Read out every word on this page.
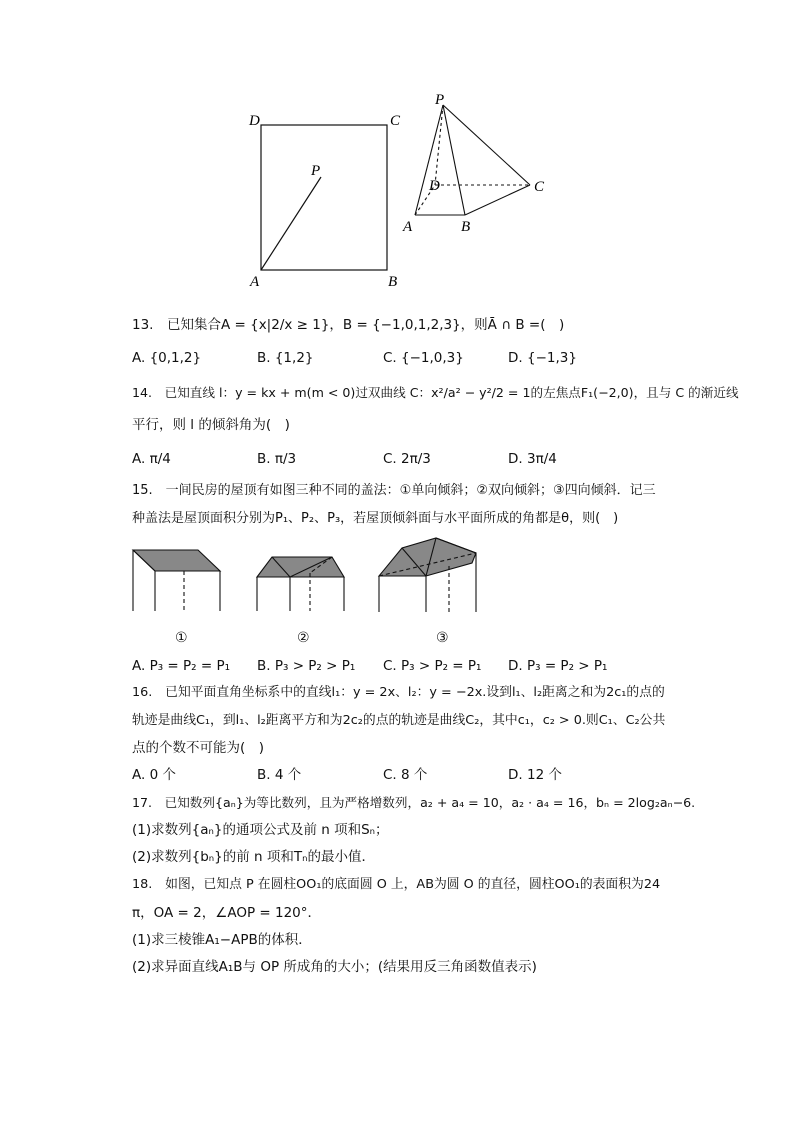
D	C
P
A	B
P
D	C
A	B
13.　已知集合A = {x|2/x ≥ 1}，B = {−1,0,1,2,3}，则Ā ∩ B =(　)
A. {0,1,2}	B. {1,2}	C. {−1,0,3}	D. {−1,3}
14.　已知直线 l：y = kx + m(m < 0)过双曲线 C：x²/a² − y²/2 = 1的左焦点F₁(−2,0)，且与 C 的渐近线
平行，则 l 的倾斜角为(　)
A. π/4	B. π/3	C. 2π/3	D. 3π/4
15.　一间民房的屋顶有如图三种不同的盖法：①单向倾斜；②双向倾斜；③四向倾斜．记三
种盖法是屋顶面积分别为P₁、P₂、P₃，若屋顶倾斜面与水平面所成的角都是θ，则(　)
①	②	③
A. P₃ = P₂ = P₁ B. P₃ > P₂ > P₁ C. P₃ > P₂ = P₁ D. P₃ = P₂ > P₁
16.　已知平面直角坐标系中的直线l₁：y = 2x、l₂：y = −2x.设到l₁、l₂距离之和为2c₁的点的
轨迹是曲线C₁，到l₁、l₂距离平方和为2c₂的点的轨迹是曲线C₂，其中c₁，c₂ > 0.则C₁、C₂公共
点的个数不可能为(　)
A. 0 个	B. 4 个	C. 8 个	D. 12 个
17.　已知数列{aₙ}为等比数列，且为严格增数列，a₂ + a₄ = 10，a₂ · a₄ = 16，bₙ = 2log₂aₙ−6.
(1)求数列{aₙ}的通项公式及前 n 项和Sₙ；
(2)求数列{bₙ}的前 n 项和Tₙ的最小值．
18.　如图，已知点 P 在圆柱OO₁的底面圆 O 上，AB为圆 O 的直径，圆柱OO₁的表面积为24
π，OA = 2，∠AOP = 120°．
(1)求三棱锥A₁−APB的体积．
(2)求异面直线A₁B与 OP 所成角的大小；(结果用反三角函数值表示)
